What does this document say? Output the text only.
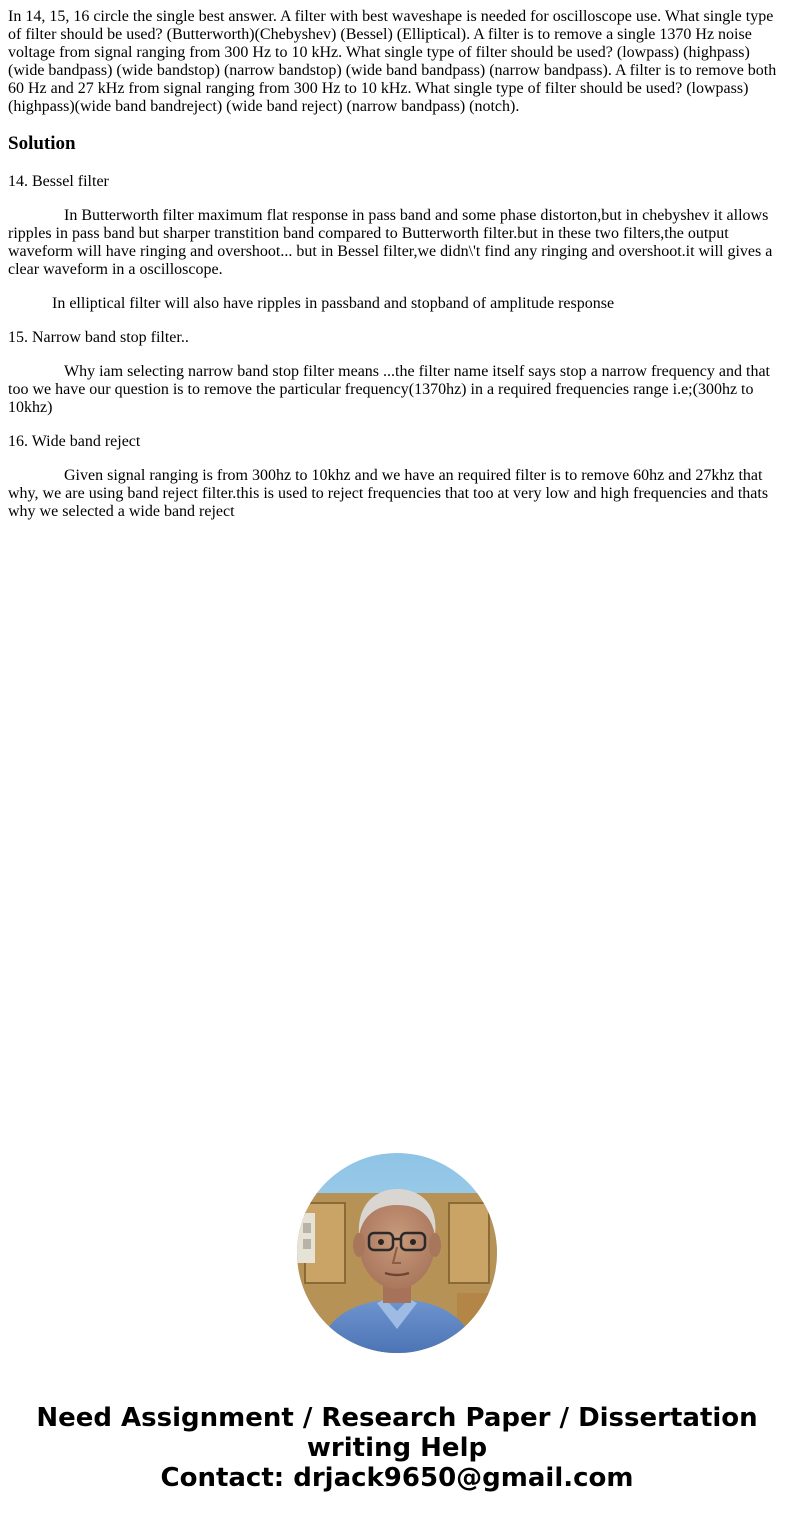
In 14, 15, 16 circle the single best answer. A filter with best waveshape is needed for oscilloscope use. What single type of filter should be used? (Butterworth)(Chebyshev) (Bessel) (Elliptical). A filter is to remove a single 1370 Hz noise voltage from signal ranging from 300 Hz to 10 kHz. What single type of filter should be used? (lowpass) (highpass) (wide bandpass) (wide bandstop) (narrow bandstop) (wide band bandpass) (narrow bandpass). A filter is to remove both 60 Hz and 27 kHz from signal ranging from 300 Hz to 10 kHz. What single type of filter should be used? (lowpass) (highpass)(wide band bandreject) (wide band reject) (narrow bandpass) (notch).

Solution

14. Bessel filter

In Butterworth filter maximum flat response in pass band and some phase distorton,but in chebyshev it allows ripples in pass band but sharper transtition band compared to Butterworth filter.but in these two filters,the output waveform will have ringing and overshoot... but in Bessel filter,we didn\'t find any ringing and overshoot.it will gives a clear waveform in a oscilloscope.

In elliptical filter will also have ripples in passband and stopband of amplitude response

15. Narrow band stop filter..

Why iam selecting narrow band stop filter means ...the filter name itself says stop a narrow frequency and that too we have our question is to remove the particular frequency(1370hz) in a required frequencies range i.e;(300hz to 10khz)

16. Wide band reject

Given signal ranging is from 300hz to 10khz and we have an required filter is to remove 60hz and 27khz that why, we are using band reject filter.this is used to reject frequencies that too at very low and high frequencies and thats why we selected a wide band reject

Need Assignment / Research Paper / Dissertation
writing Help
Contact: drjack9650@gmail.com
